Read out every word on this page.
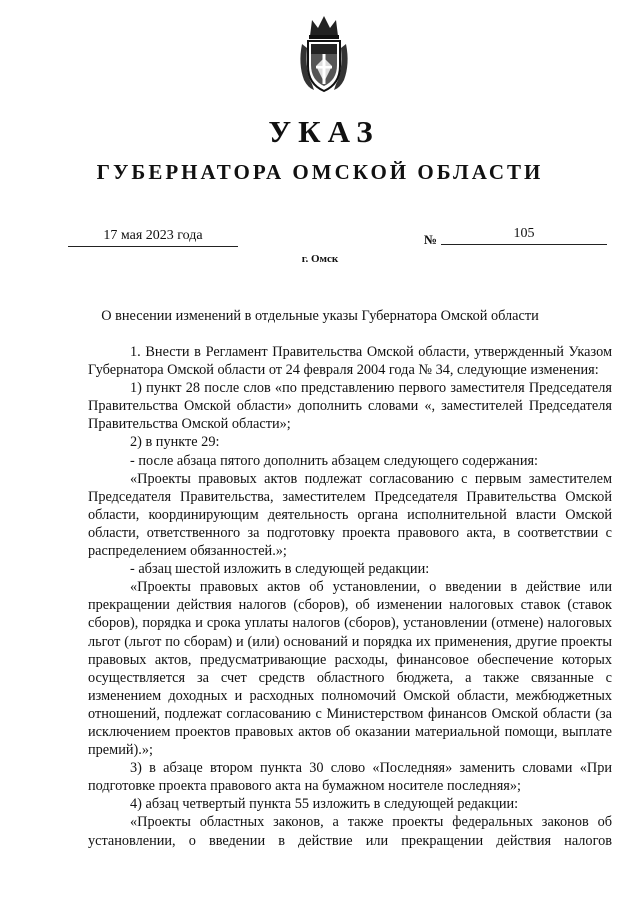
УКАЗ
ГУБЕРНАТОРА ОМСКОЙ ОБЛАСТИ
17 мая 2023 года	№	105
г. Омск
О внесении изменений в отдельные указы Губернатора Омской области

1. Внести в Регламент Правительства Омской области, утвержденный Указом Губернатора Омской области от 24 февраля 2004 года № 34, следующие изменения:

1) пункт 28 после слов «по представлению первого заместителя Председателя Правительства Омской области» дополнить словами «, заместителей Председателя Правительства Омской области»;

2) в пункте 29:

- после абзаца пятого дополнить абзацем следующего содержания:

«Проекты правовых актов подлежат согласованию с первым заместителем Председателя Правительства, заместителем Председателя Правительства Омской области, координирующим деятельность органа исполнительной власти Омской области, ответственного за подготовку проекта правового акта, в соответствии с распределением обязанностей.»;

- абзац шестой изложить в следующей редакции:

«Проекты правовых актов об установлении, о введении в действие или прекращении действия налогов (сборов), об изменении налоговых ставок (ставок сборов), порядка и срока уплаты налогов (сборов), установлении (отмене) налоговых льгот (льгот по сборам) и (или) оснований и порядка их применения, другие проекты правовых актов, предусматривающие расходы, финансовое обеспечение которых осуществляется за счет средств областного бюджета, а также связанные с изменением доходных и расходных полномочий Омской области, межбюджетных отношений, подлежат согласованию с Министерством финансов Омской области (за исключением проектов правовых актов об оказании материальной помощи, выплате премий).»;

3) в абзаце втором пункта 30 слово «Последняя» заменить словами «При подготовке проекта правового акта на бумажном носителе последняя»;

4) абзац четвертый пункта 55 изложить в следующей редакции:

«Проекты областных законов, а также проекты федеральных законов об установлении, о введении в действие или прекращении действия налогов
